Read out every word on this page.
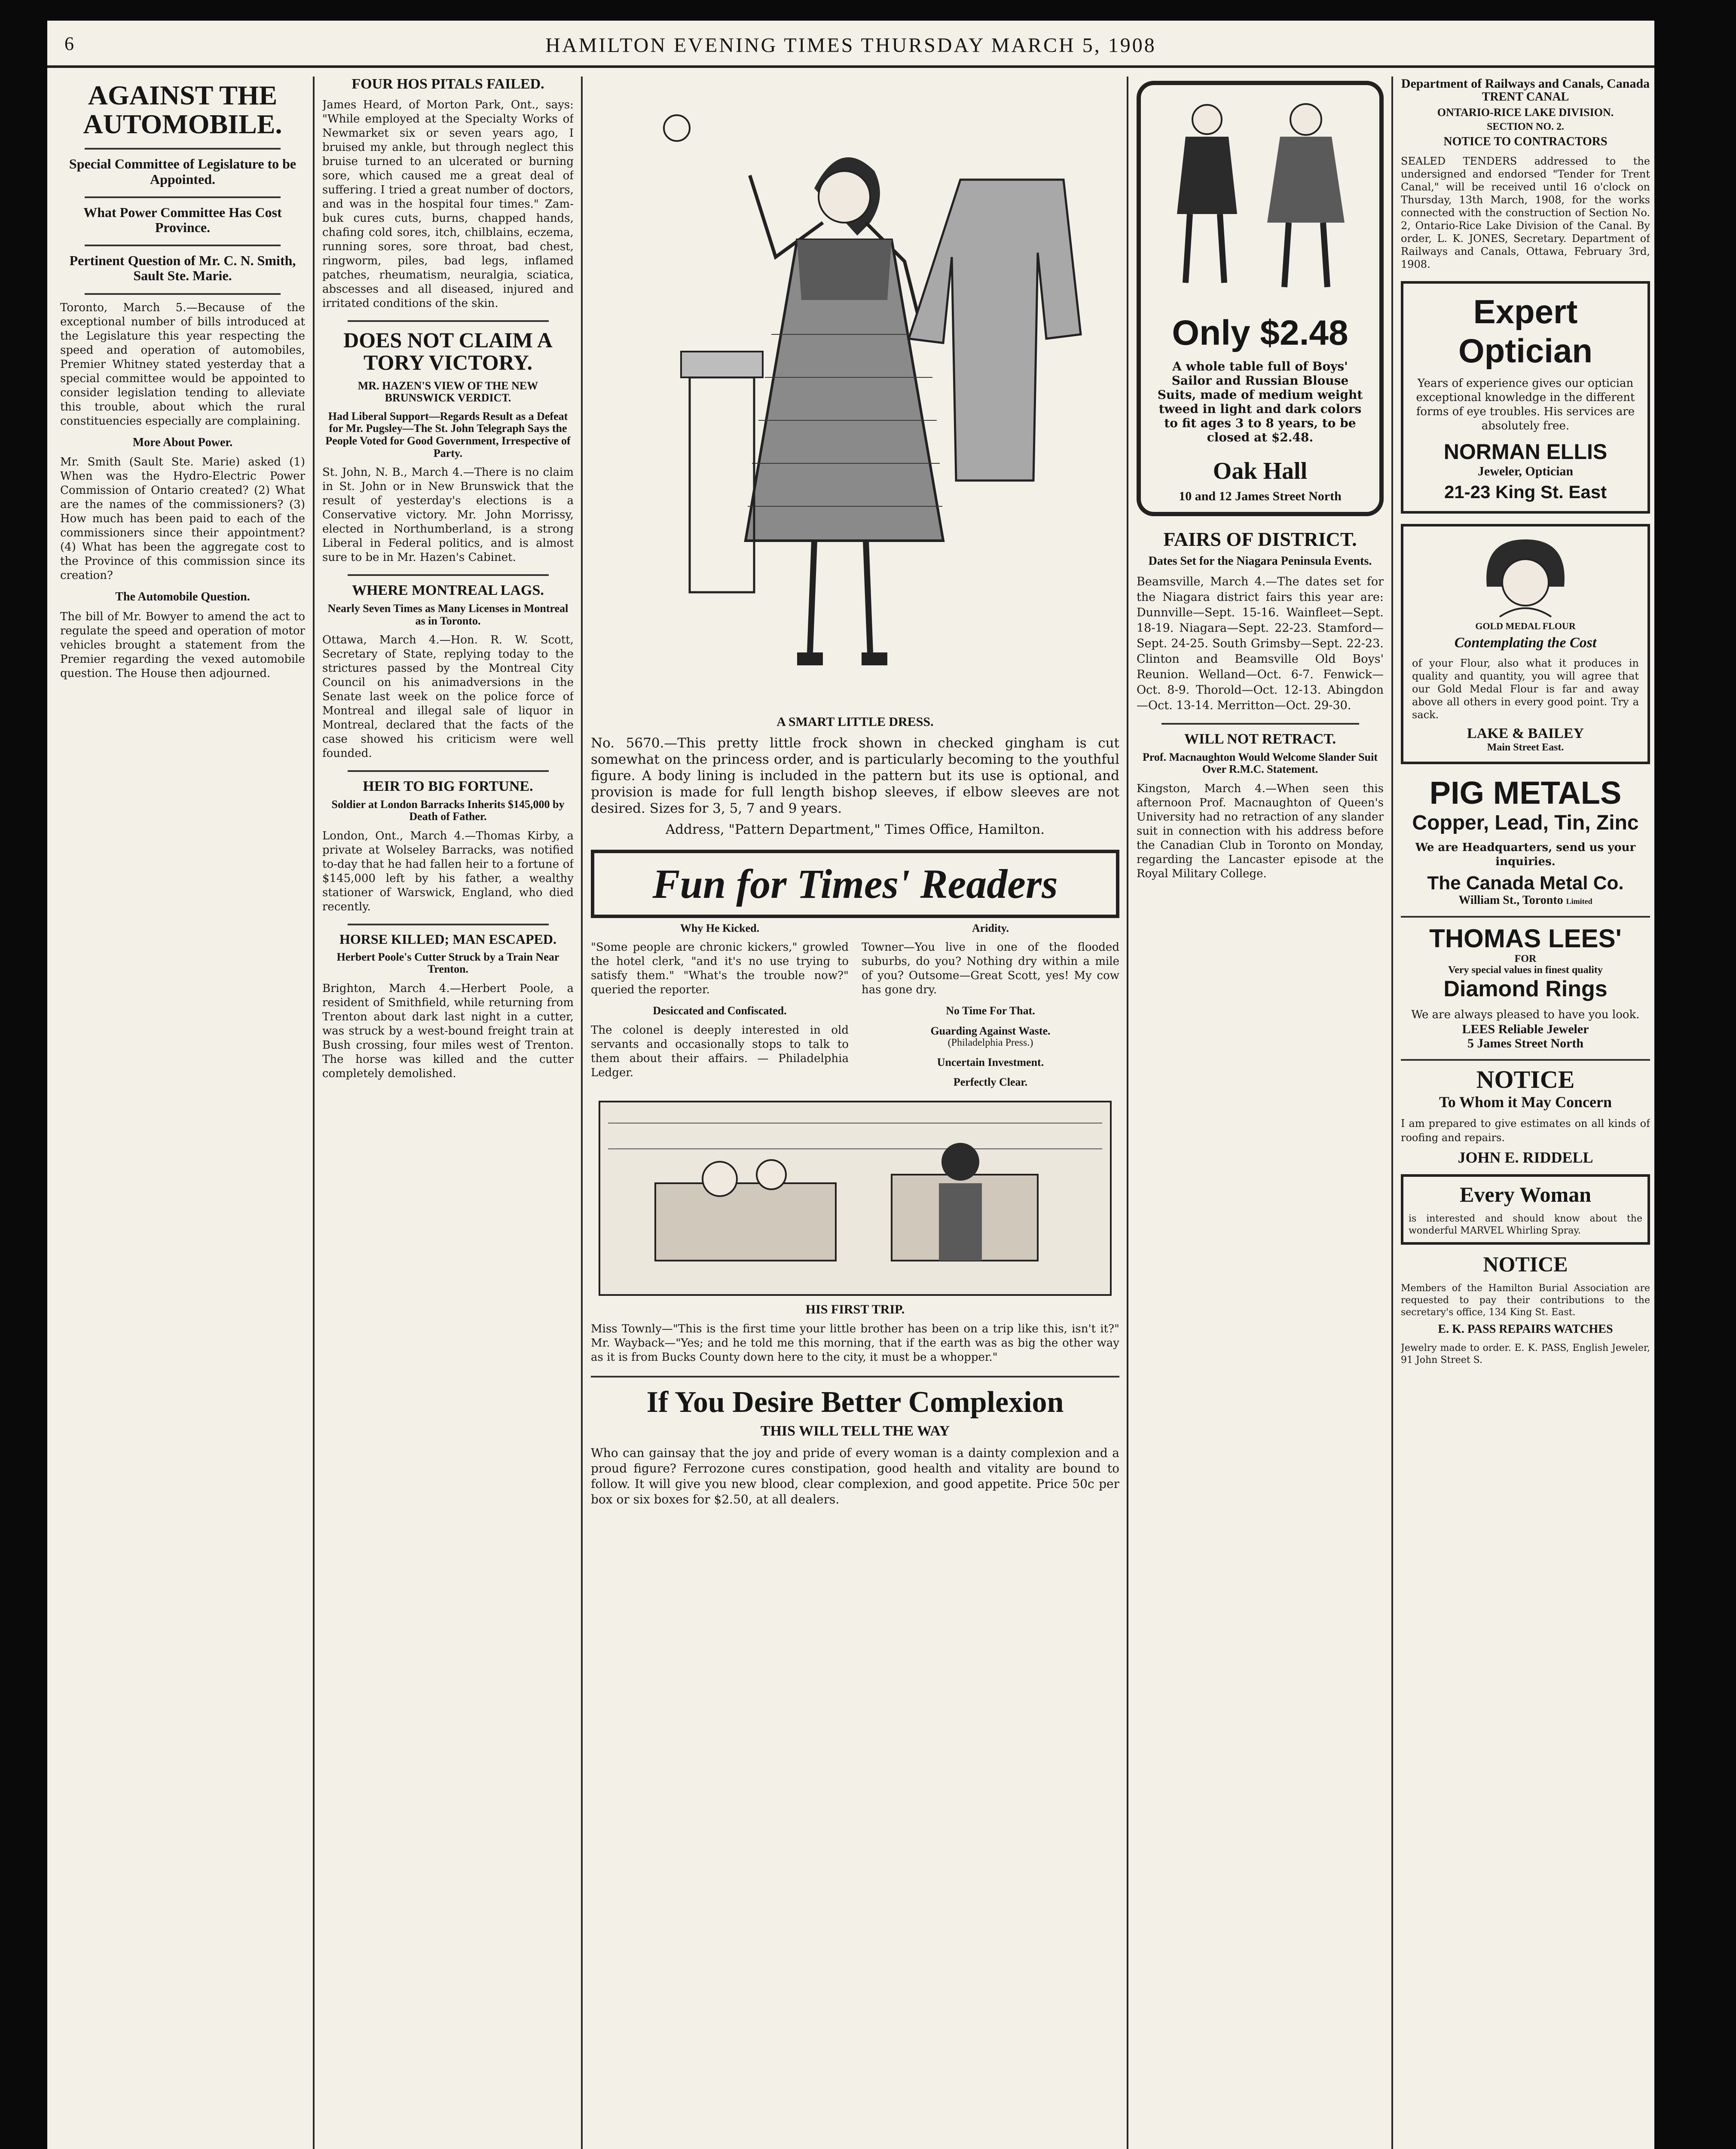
6	HAMILTON EVENING TIMES THURSDAY MARCH 5, 1908
AGAINST THE AUTOMOBILE.
Special Committee of Legislature to be Appointed.
What Power Committee Has Cost Province.
Pertinent Question of Mr. C. N. Smith, Sault Ste. Marie.

Toronto, March 5.—Because of the exceptional number of bills introduced at the Legislature this year respecting the speed and operation of automobiles, Premier Whitney stated yesterday that a special committee would be appointed to consider legislation tending to alleviate this trouble, about which the rural constituencies especially are complaining.

More About Power.

Mr. Smith (Sault Ste. Marie) asked (1) When was the Hydro-Electric Power Commission of Ontario created? (2) What are the names of the commissioners? (3) How much has been paid to each of the commissioners since their appointment? (4) What has been the aggregate cost to the Province of this commission since its creation?

The Automobile Question.

The bill of Mr. Bowyer to amend the act to regulate the speed and operation of motor vehicles brought a statement from the Premier regarding the vexed automobile question. The House then adjourned.

FOUR HOS PITALS FAILED.

James Heard, of Morton Park, Ont., says: "While employed at the Specialty Works of Newmarket six or seven years ago, I bruised my ankle, but through neglect this bruise turned to an ulcerated or burning sore, which caused me a great deal of suffering. I tried a great number of doctors, and was in the hospital four times." Zam-buk cures cuts, burns, chapped hands, chafing cold sores, itch, chilblains, eczema, running sores, sore throat, bad chest, ringworm, piles, bad legs, inflamed patches, rheumatism, neuralgia, sciatica, abscesses and all diseased, injured and irritated conditions of the skin.

DOES NOT CLAIM A TORY VICTORY.
MR. HAZEN'S VIEW OF THE NEW BRUNSWICK VERDICT.
Had Liberal Support—Regards Result as a Defeat for Mr. Pugsley—The St. John Telegraph Says the People Voted for Good Government, Irrespective of Party.

St. John, N. B., March 4.—There is no claim in St. John or in New Brunswick that the result of yesterday's elections is a Conservative victory. Mr. John Morrissy, elected in Northumberland, is a strong Liberal in Federal politics, and is almost sure to be in Mr. Hazen's Cabinet.

WHERE MONTREAL LAGS.
Nearly Seven Times as Many Licenses in Montreal as in Toronto.

Ottawa, March 4.—Hon. R. W. Scott, Secretary of State, replying today to the strictures passed by the Montreal City Council on his animadversions in the Senate last week on the police force of Montreal and illegal sale of liquor in Montreal, declared that the facts of the case showed his criticism were well founded.

HEIR TO BIG FORTUNE.
Soldier at London Barracks Inherits $145,000 by Death of Father.

London, Ont., March 4.—Thomas Kirby, a private at Wolseley Barracks, was notified to-day that he had fallen heir to a fortune of $145,000 left by his father, a wealthy stationer of Warswick, England, who died recently.

HORSE KILLED; MAN ESCAPED.
Herbert Poole's Cutter Struck by a Train Near Trenton.

Brighton, March 4.—Herbert Poole, a resident of Smithfield, while returning from Trenton about dark last night in a cutter, was struck by a west-bound freight train at Bush crossing, four miles west of Trenton. The horse was killed and the cutter completely demolished.

A SMART LITTLE DRESS.

No. 5670.—This pretty little frock shown in checked gingham is cut somewhat on the princess order, and is particularly becoming to the youthful figure. A body lining is included in the pattern but its use is optional, and provision is made for full length bishop sleeves, if elbow sleeves are not desired. Sizes for 3, 5, 7 and 9 years.

Address, "Pattern Department," Times Office, Hamilton.

Fun for Times' Readers
Why He Kicked.

"Some people are chronic kickers," growled the hotel clerk, "and it's no use trying to satisfy them." "What's the trouble now?" queried the reporter.

Desiccated and Confiscated.

The colonel is deeply interested in old servants and occasionally stops to talk to them about their affairs. — Philadelphia Ledger.

Aridity.

Towner—You live in one of the flooded suburbs, do you? Nothing dry within a mile of you? Outsome—Great Scott, yes! My cow has gone dry.

No Time For That.
Guarding Against Waste.
(Philadelphia Press.)
Uncertain Investment.
Perfectly Clear.
HIS FIRST TRIP.

Miss Townly—"This is the first time your little brother has been on a trip like this, isn't it?" Mr. Wayback—"Yes; and he told me this morning, that if the earth was as big the other way as it is from Bucks County down here to the city, it must be a whopper."

If You Desire Better Complexion
THIS WILL TELL THE WAY

Who can gainsay that the joy and pride of every woman is a dainty complexion and a proud figure? Ferrozone cures constipation, good health and vitality are bound to follow. It will give you new blood, clear complexion, and good appetite. Price 50c per box or six boxes for $2.50, at all dealers.

Only $2.48

A whole table full of Boys' Sailor and Russian Blouse Suits, made of medium weight tweed in light and dark colors to fit ages 3 to 8 years, to be closed at $2.48.

Oak Hall
10 and 12 James Street North
FAIRS OF DISTRICT.
Dates Set for the Niagara Peninsula Events.

Beamsville, March 4.—The dates set for the Niagara district fairs this year are: Dunnville—Sept. 15-16. Wainfleet—Sept. 18-19. Niagara—Sept. 22-23. Stamford—Sept. 24-25. South Grimsby—Sept. 22-23. Clinton and Beamsville Old Boys' Reunion. Welland—Oct. 6-7. Fenwick—Oct. 8-9. Thorold—Oct. 12-13. Abingdon—Oct. 13-14. Merritton—Oct. 29-30.

WILL NOT RETRACT.
Prof. Macnaughton Would Welcome Slander Suit Over R.M.C. Statement.

Kingston, March 4.—When seen this afternoon Prof. Macnaughton of Queen's University had no retraction of any slander suit in connection with his address before the Canadian Club in Toronto on Monday, regarding the Lancaster episode at the Royal Military College.

Department of Railways and Canals, Canada
TRENT CANAL
ONTARIO-RICE LAKE DIVISION.
SECTION NO. 2.
NOTICE TO CONTRACTORS

SEALED TENDERS addressed to the undersigned and endorsed "Tender for Trent Canal," will be received until 16 o'clock on Thursday, 13th March, 1908, for the works connected with the construction of Section No. 2, Ontario-Rice Lake Division of the Canal. By order, L. K. JONES, Secretary. Department of Railways and Canals, Ottawa, February 3rd, 1908.

Expert
Optician

Years of experience gives our optician exceptional knowledge in the different forms of eye troubles. His services are absolutely free.

NORMAN ELLIS
Jeweler, Optician
21-23 King St. East
GOLD MEDAL FLOUR
Contemplating the Cost

of your Flour, also what it produces in quality and quantity, you will agree that our Gold Medal Flour is far and away above all others in every good point. Try a sack.

LAKE & BAILEY
Main Street East.
PIG METALS
Copper, Lead, Tin, Zinc

We are Headquarters, send us your inquiries.

The Canada Metal Co.
William St., Toronto Limited
THOMAS LEES'
FOR
Very special values in finest quality
Diamond Rings

We are always pleased to have you look.

LEES Reliable Jeweler
5 James Street North
NOTICE
To Whom it May Concern

I am prepared to give estimates on all kinds of roofing and repairs.

JOHN E. RIDDELL
Every Woman

is interested and should know about the wonderful MARVEL Whirling Spray.

NOTICE

Members of the Hamilton Burial Association are requested to pay their contributions to the secretary's office, 134 King St. East.

E. K. PASS REPAIRS WATCHES

Jewelry made to order. E. K. PASS, English Jeweler, 91 John Street S.
